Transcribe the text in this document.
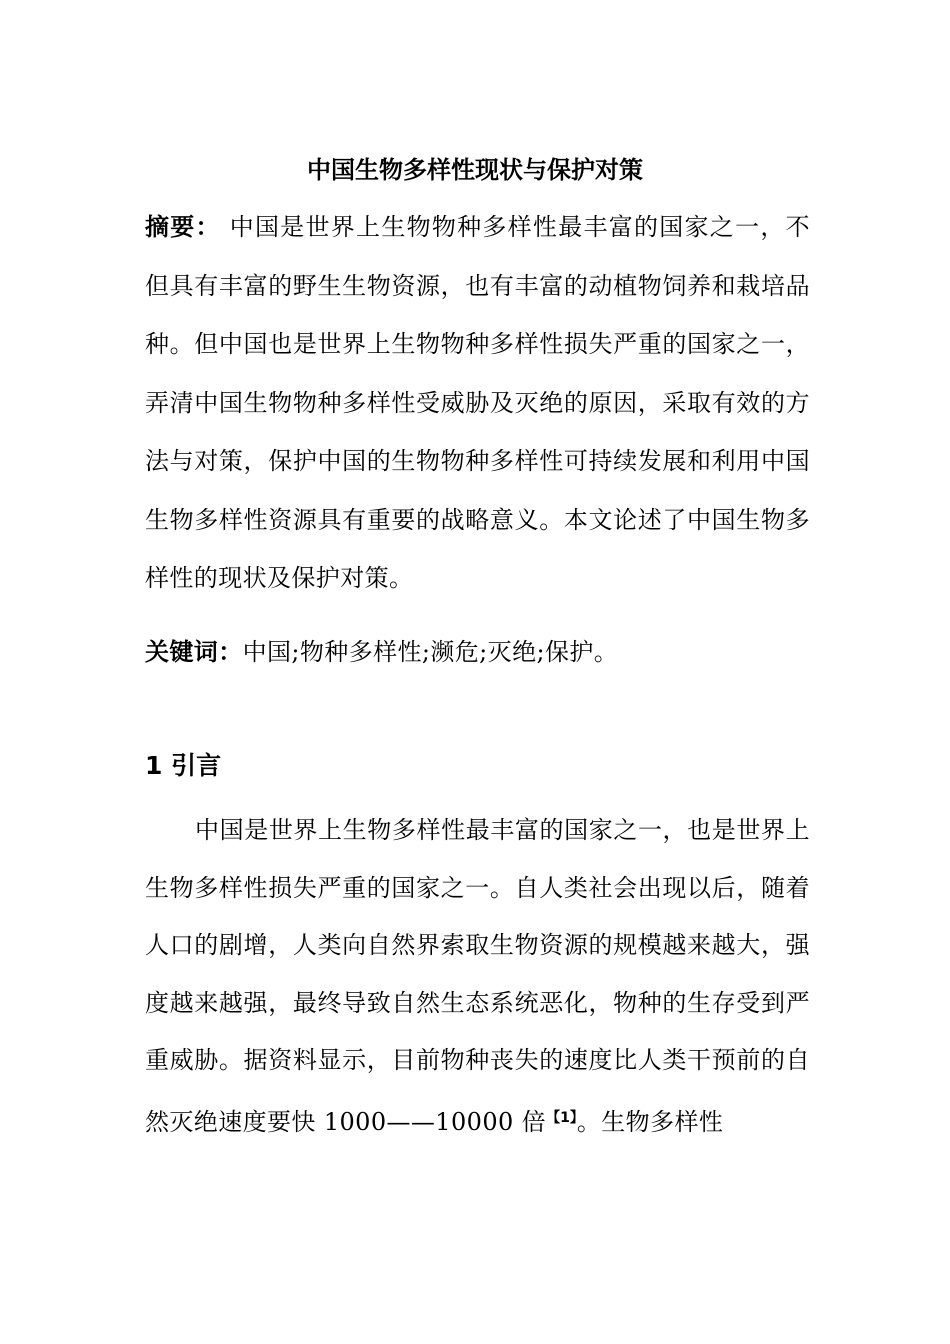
中国生物多样性现状与保护对策
摘要： 中国是世界上生物物种多样性最丰富的国家之一，不但具有丰富的野生生物资源，也有丰富的动植物饲养和栽培品种。但中国也是世界上生物物种多样性损失严重的国家之一，弄清中国生物物种多样性受威胁及灭绝的原因，采取有效的方法与对策，保护中国的生物物种多样性可持续发展和利用中国生物多样性资源具有重要的战略意义。本文论述了中国生物多样性的现状及保护对策。
关键词：中国;物种多样性;濒危;灭绝;保护。
1 引言
中国是世界上生物多样性最丰富的国家之一，也是世界上生物多样性损失严重的国家之一。自人类社会出现以后，随着人口的剧增，人类向自然界索取生物资源的规模越来越大，强度越来越强，最终导致自然生态系统恶化，物种的生存受到严重威胁。据资料显示，目前物种丧失的速度比人类干预前的自然灭绝速度要快 1000——10000 倍$^{【1】}$。生物多样性
